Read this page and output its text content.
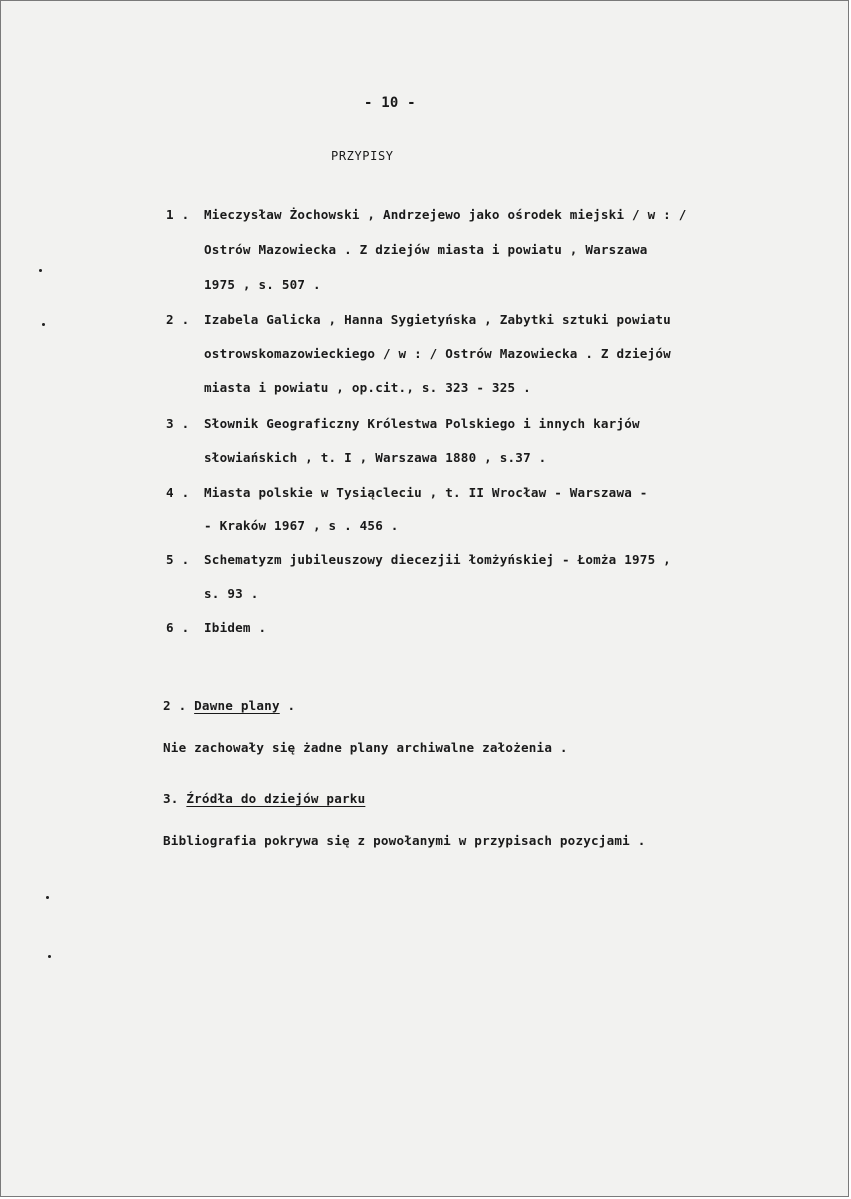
- 10 -
PRZYPISY
1 . Mieczysław Żochowski , Andrzejewo jako ośrodek miejski / w : /
Ostrów Mazowiecka . Z dziejów miasta i powiatu , Warszawa
1975 , s. 507 .
2 . Izabela Galicka , Hanna Sygietyńska , Zabytki sztuki powiatu
ostrowskomazowieckiego / w : / Ostrów Mazowiecka . Z dziejów
miasta i powiatu , op.cit., s. 323 - 325 .
3 . Słownik Geograficzny Królestwa Polskiego i innych karjów
słowiańskich , t. I , Warszawa 1880 , s.37 .
4 . Miasta polskie w Tysiącleciu , t. II Wrocław - Warszawa -
- Kraków 1967 , s . 456 .
5 . Schematyzm jubileuszowy diecezjii łomżyńskiej - Łomża 1975 ,
s. 93 .
6 . Ibidem .
2 . Dawne plany .
Nie zachowały się żadne plany archiwalne założenia .
3. Źródła do dziejów parku
Bibliografia pokrywa się z powołanymi w przypisach pozycjami .
